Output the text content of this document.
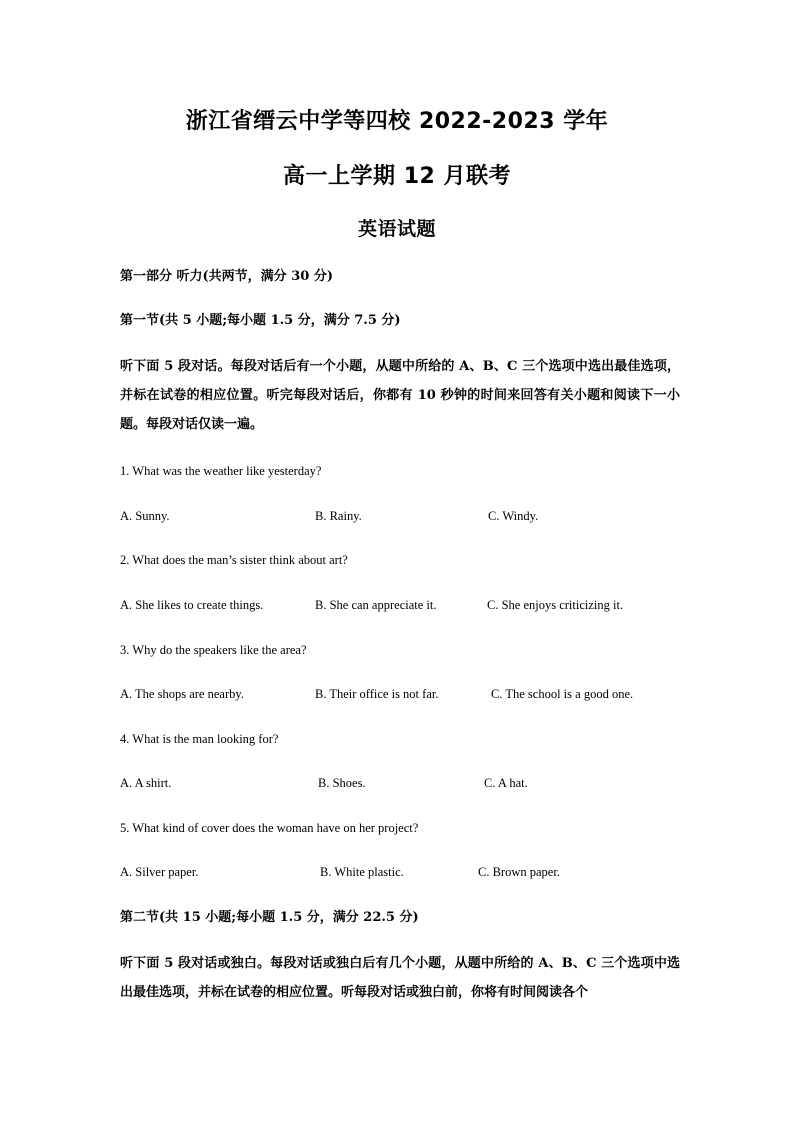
浙江省缙云中学等四校 2022-2023 学年
高一上学期 12 月联考
英语试题
第一部分 听力(共两节，满分 30 分)
第一节(共 5 小题;每小题 1.5 分，满分 7.5 分)
听下面 5 段对话。每段对话后有一个小题，从题中所给的 A、B、C 三个选项中选出最佳选项，并标在试卷的相应位置。听完每段对话后，你都有 10 秒钟的时间来回答有关小题和阅读下一小题。每段对话仅读一遍。
1. What was the weather like yesterday?
A. Sunny.	B. Rainy.	C. Windy.
2. What does the man’s sister think about art?
A. She likes to create things.	B. She can appreciate it.	C. She enjoys criticizing it.
3. Why do the speakers like the area?
A. The shops are nearby.	B. Their office is not far.	C. The school is a good one.
4. What is the man looking for?
A. A shirt.	B. Shoes.	C. A hat.
5. What kind of cover does the woman have on her project?
A. Silver paper.	B. White plastic.	C. Brown paper.
第二节(共 15 小题;每小题 1.5 分，满分 22.5 分)
听下面 5 段对话或独白。每段对话或独白后有几个小题，从题中所给的 A、B、C 三个选项中选出最佳选项，并标在试卷的相应位置。听每段对话或独白前，你将有时间阅读各个
